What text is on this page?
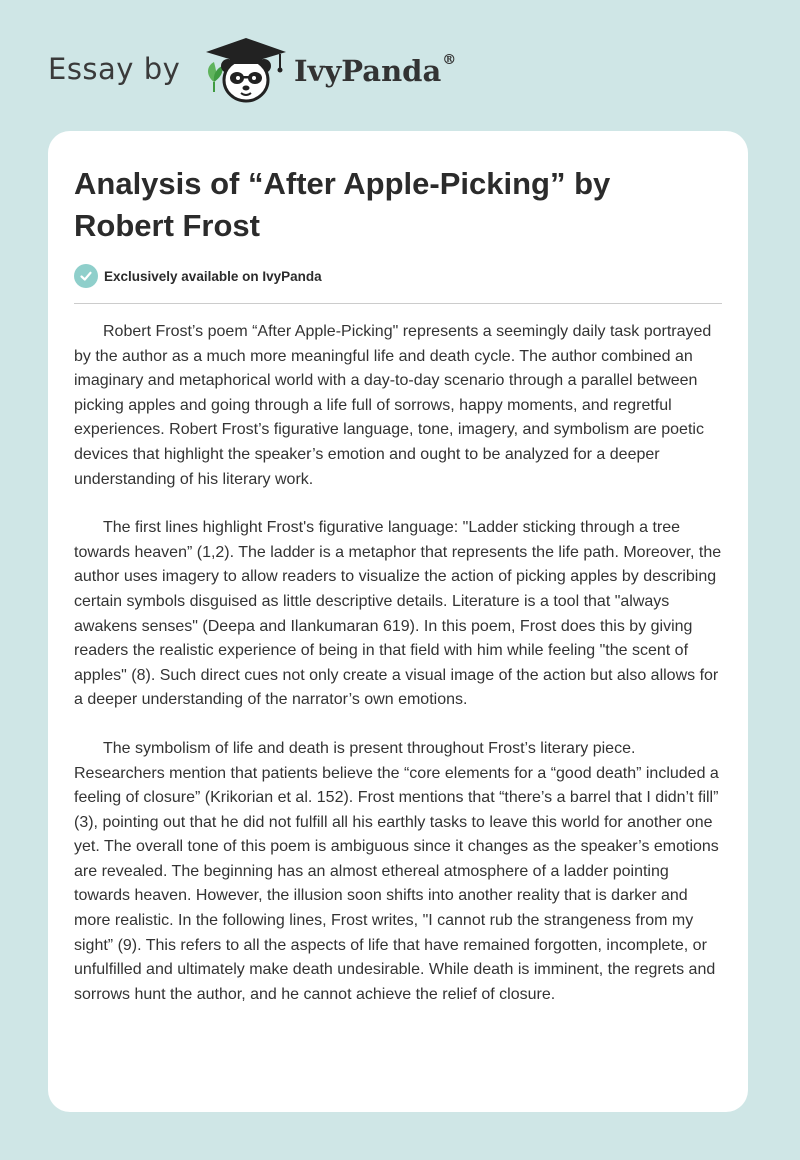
Essay by	IvyPanda®
Analysis of “After Apple-Picking” by Robert Frost
Exclusively available on IvyPanda

Robert Frost’s poem “After Apple-Picking" represents a seemingly daily task portrayed by the author as a much more meaningful life and death cycle. The author combined an imaginary and metaphorical world with a day-to-day scenario through a parallel between picking apples and going through a life full of sorrows, happy moments, and regretful experiences. Robert Frost’s figurative language, tone, imagery, and symbolism are poetic devices that highlight the speaker’s emotion and ought to be analyzed for a deeper understanding of his literary work.

The first lines highlight Frost's figurative language: "Ladder sticking through a tree towards heaven” (1,2). The ladder is a metaphor that represents the life path. Moreover, the author uses imagery to allow readers to visualize the action of picking apples by describing certain symbols disguised as little descriptive details. Literature is a tool that "always awakens senses" (Deepa and Ilankumaran 619). In this poem, Frost does this by giving readers the realistic experience of being in that field with him while feeling "the scent of apples" (8). Such direct cues not only create a visual image of the action but also allows for a deeper understanding of the narrator’s own emotions.

The symbolism of life and death is present throughout Frost’s literary piece. Researchers mention that patients believe the “core elements for a “good death” included a feeling of closure” (Krikorian et al. 152). Frost mentions that “there’s a barrel that I didn’t fill” (3), pointing out that he did not fulfill all his earthly tasks to leave this world for another one yet. The overall tone of this poem is ambiguous since it changes as the speaker’s emotions are revealed. The beginning has an almost ethereal atmosphere of a ladder pointing towards heaven. However, the illusion soon shifts into another reality that is darker and more realistic. In the following lines, Frost writes, "I cannot rub the strangeness from my sight” (9). This refers to all the aspects of life that have remained forgotten, incomplete, or unfulfilled and ultimately make death undesirable. While death is imminent, the regrets and sorrows hunt the author, and he cannot achieve the relief of closure.
